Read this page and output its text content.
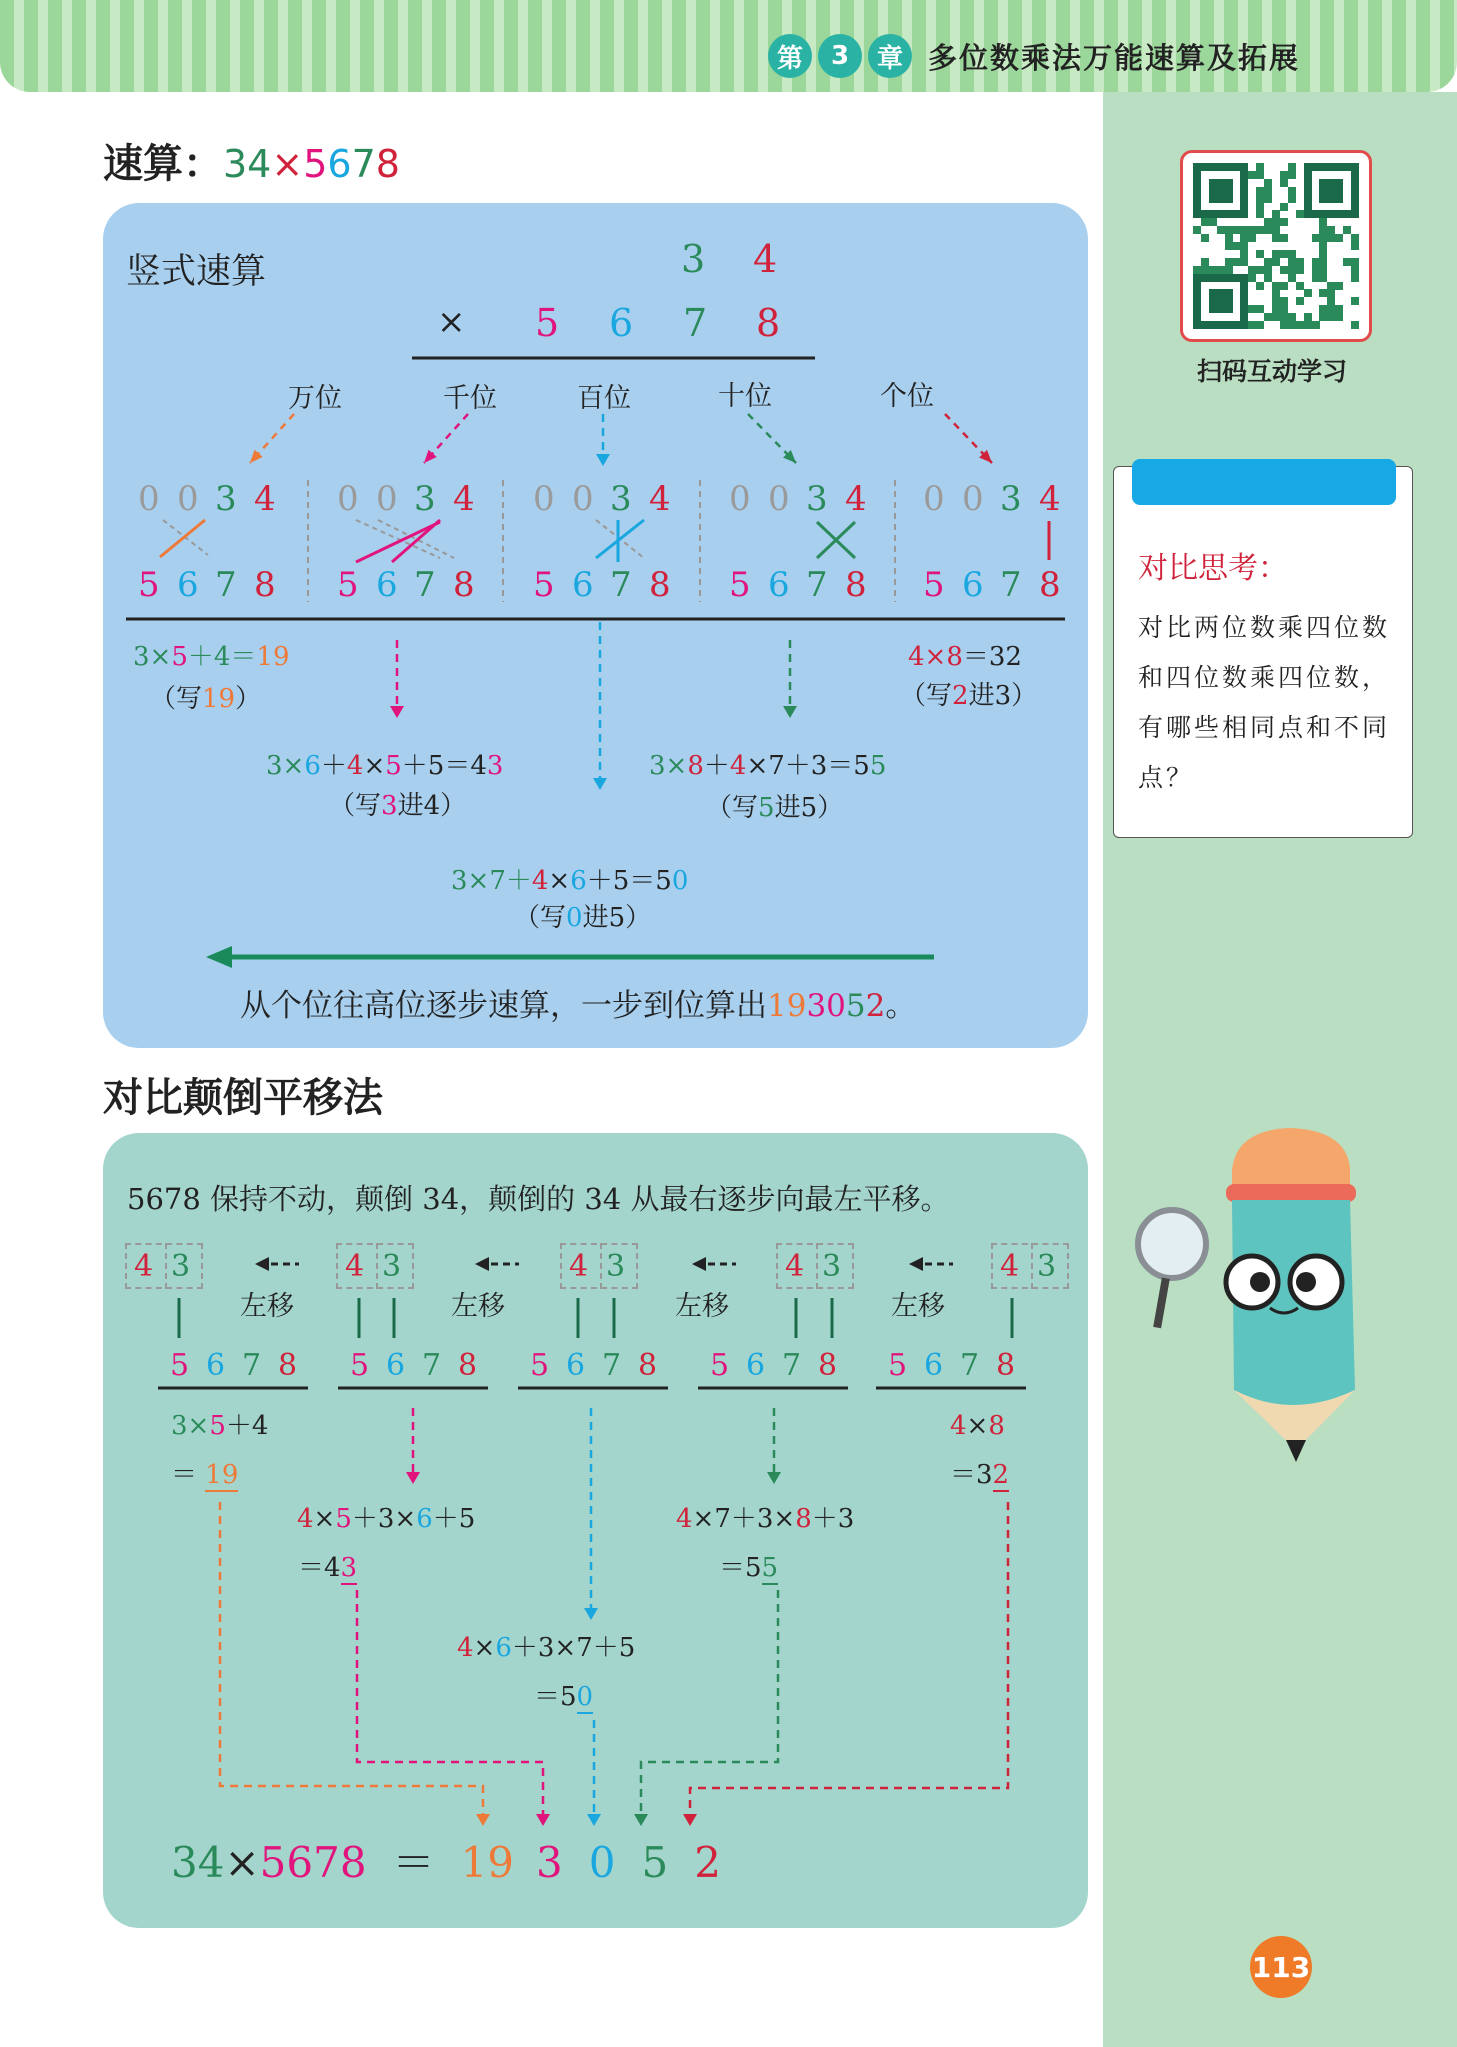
第	3	章 多位数乘法万能速算及拓展
速算：34×5678
竖式速算	3 4
× 5 6 7 8
万位	千位	百位	十位	个位
0
5
0
6
3
7
4
8
0
5
0
6
3
7
4
8
0
5
0
6
3
7
4
8
0
5
0
6
3
7
4
8
0
5
0
6
3
7
4
8
3×5＋4＝19
（写19）
4×8＝32
（写2进3）
3×6＋4×5＋5＝43
（写3进4）
3×8＋4×7＋3＝55
（写5进5）
3×7＋4×6＋5＝50
（写0进5）
从个位往高位逐步速算，一步到位算出193052。
对比颠倒平移法
5678 保持不动，颠倒 34，颠倒的 34 从最右逐步向最左平移。
4 3
左移
4 3
左移
4 3
左移
4 3
左移
4 3
5 6 7 8 5 6 7 8 5 6 7 8 5 6 7 8 5 6 7 8
3×5＋4
＝ 19
4×5＋3×6＋5
＝43
4×7＋3×8＋3
＝55
4×6＋3×7＋5
＝50
4×8
＝32
34×5678 ＝ 19 3 0 5 2
扫码互动学习
对比思考：
对比两位数乘四位数和四位数乘四位数，有哪些相同点和不同点？
113
